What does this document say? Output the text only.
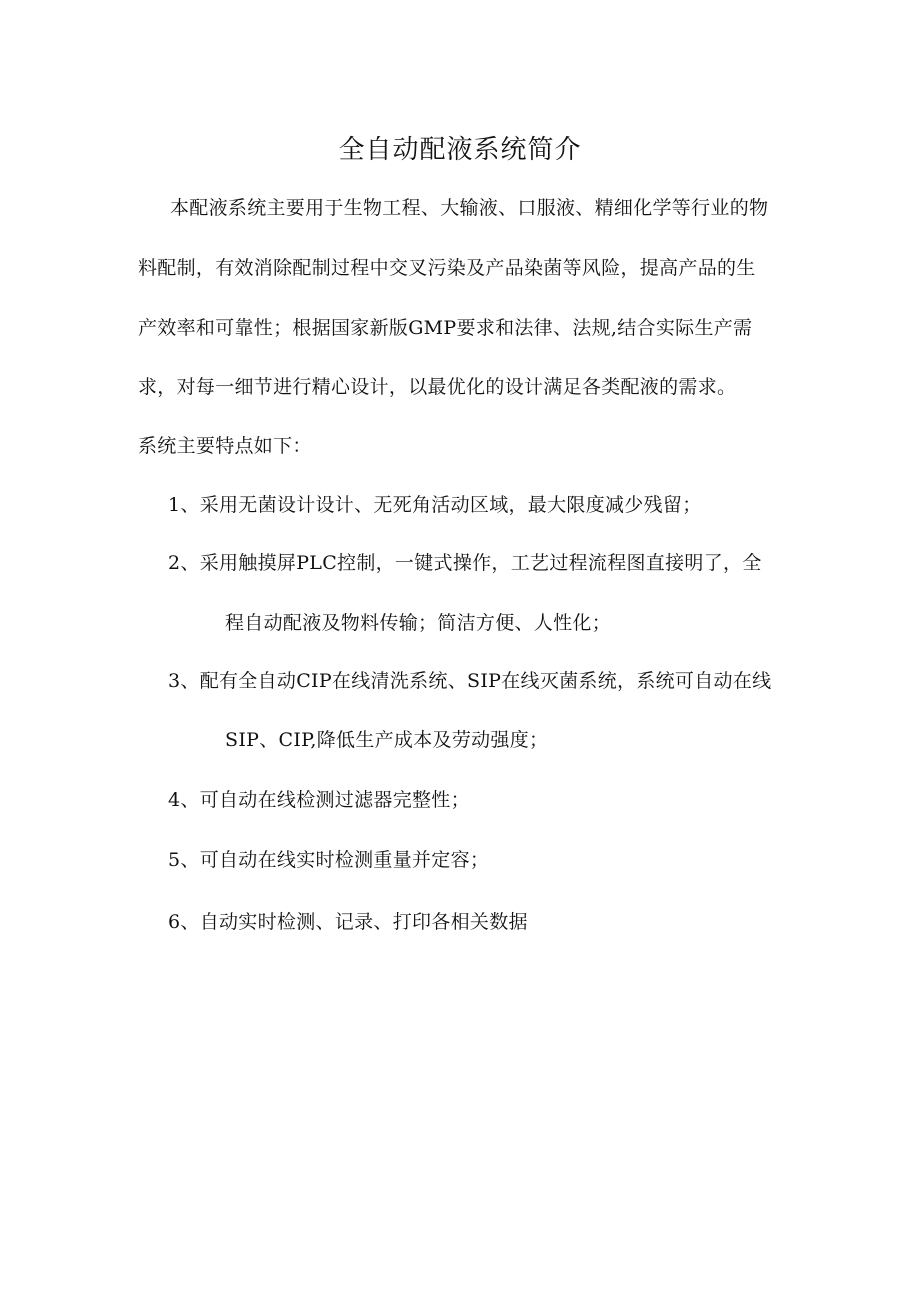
全自动配液系统简介
本配液系统主要用于生物工程、大输液、口服液、精细化学等行业的物
料配制，有效消除配制过程中交叉污染及产品染菌等风险，提高产品的生
产效率和可靠性；根据国家新版GMP要求和法律、法规,结合实际生产需
求，对每一细节进行精心设计，以最优化的设计满足各类配液的需求。
系统主要特点如下：
1、采用无菌设计设计、无死角活动区域，最大限度减少残留；
2、采用触摸屏PLC控制，一键式操作，工艺过程流程图直接明了，全
程自动配液及物料传输；简洁方便、人性化；
3、配有全自动CIP在线清洗系统、SIP在线灭菌系统，系统可自动在线
SIP、CIP,降低生产成本及劳动强度；
4、可自动在线检测过滤器完整性；
5、可自动在线实时检测重量并定容；
6、自动实时检测、记录、打印各相关数据
